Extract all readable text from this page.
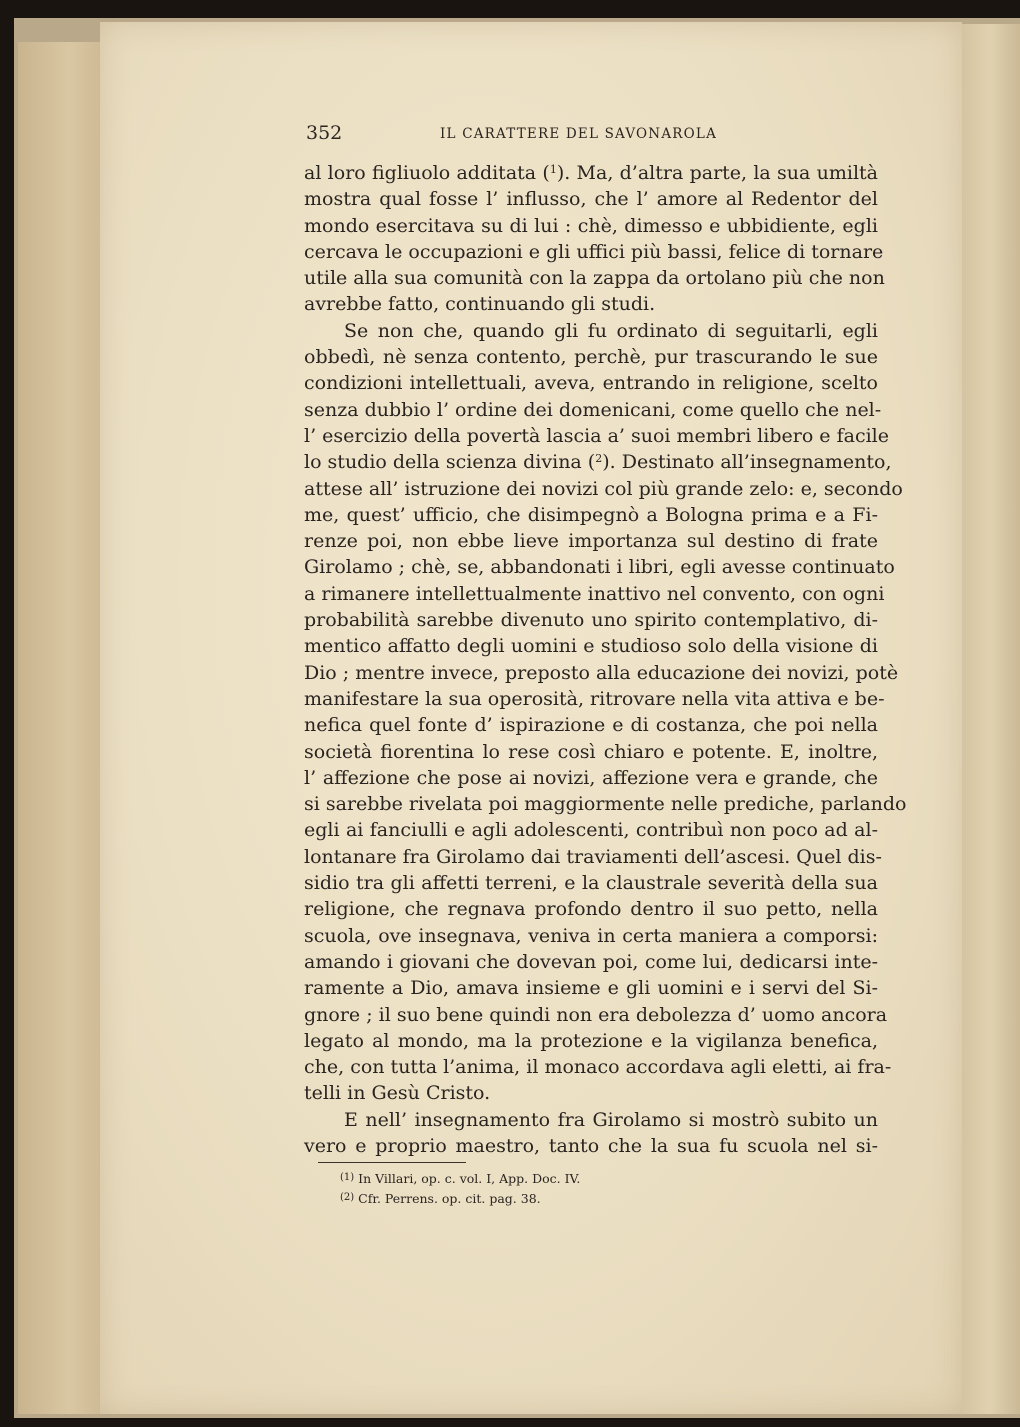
352	IL CARATTERE DEL SAVONAROLA
al loro figliuolo additata ($^1$). Ma, d’altra parte, la sua umiltà
mostra qual fosse l’ influsso, che l’ amore al Redentor del
mondo esercitava su di lui : chè, dimesso e ubbidiente, egli
cercava le occupazioni e gli uffici più bassi, felice di tornare
utile alla sua comunità con la zappa da ortolano più che non
avrebbe fatto, continuando gli studi.
Se non che, quando gli fu ordinato di seguitarli, egli
obbedì, nè senza contento, perchè, pur trascurando le sue
condizioni intellettuali, aveva, entrando in religione, scelto
senza dubbio l’ ordine dei domenicani, come quello che nel-
l’ esercizio della povertà lascia a’ suoi membri libero e facile
lo studio della scienza divina ($^2$). Destinato all’insegnamento,
attese all’ istruzione dei novizi col più grande zelo: e, secondo
me, quest’ ufficio, che disimpegnò a Bologna prima e a Fi-
renze poi, non ebbe lieve importanza sul destino di frate
Girolamo ; chè, se, abbandonati i libri, egli avesse continuato
a rimanere intellettualmente inattivo nel convento, con ogni
probabilità sarebbe divenuto uno spirito contemplativo, di-
mentico affatto degli uomini e studioso solo della visione di
Dio ; mentre invece, preposto alla educazione dei novizi, potè
manifestare la sua operosità, ritrovare nella vita attiva e be-
nefica quel fonte d’ ispirazione e di costanza, che poi nella
società fiorentina lo rese così chiaro e potente. E, inoltre,
l’ affezione che pose ai novizi, affezione vera e grande, che
si sarebbe rivelata poi maggiormente nelle prediche, parlando
egli ai fanciulli e agli adolescenti, contribuì non poco ad al-
lontanare fra Girolamo dai traviamenti dell’ascesi. Quel dis-
sidio tra gli affetti terreni, e la claustrale severità della sua
religione, che regnava profondo dentro il suo petto, nella
scuola, ove insegnava, veniva in certa maniera a comporsi:
amando i giovani che dovevan poi, come lui, dedicarsi inte-
ramente a Dio, amava insieme e gli uomini e i servi del Si-
gnore ; il suo bene quindi non era debolezza d’ uomo ancora
legato al mondo, ma la protezione e la vigilanza benefica,
che, con tutta l’anima, il monaco accordava agli eletti, ai fra-
telli in Gesù Cristo.
E nell’ insegnamento fra Girolamo si mostrò subito un
vero e proprio maestro, tanto che la sua fu scuola nel si-
$^{(1)}$ In Villari, op. c. vol. I, App. Doc. IV.
$^{(2)}$ Cfr. Perrens. op. cit. pag. 38.
